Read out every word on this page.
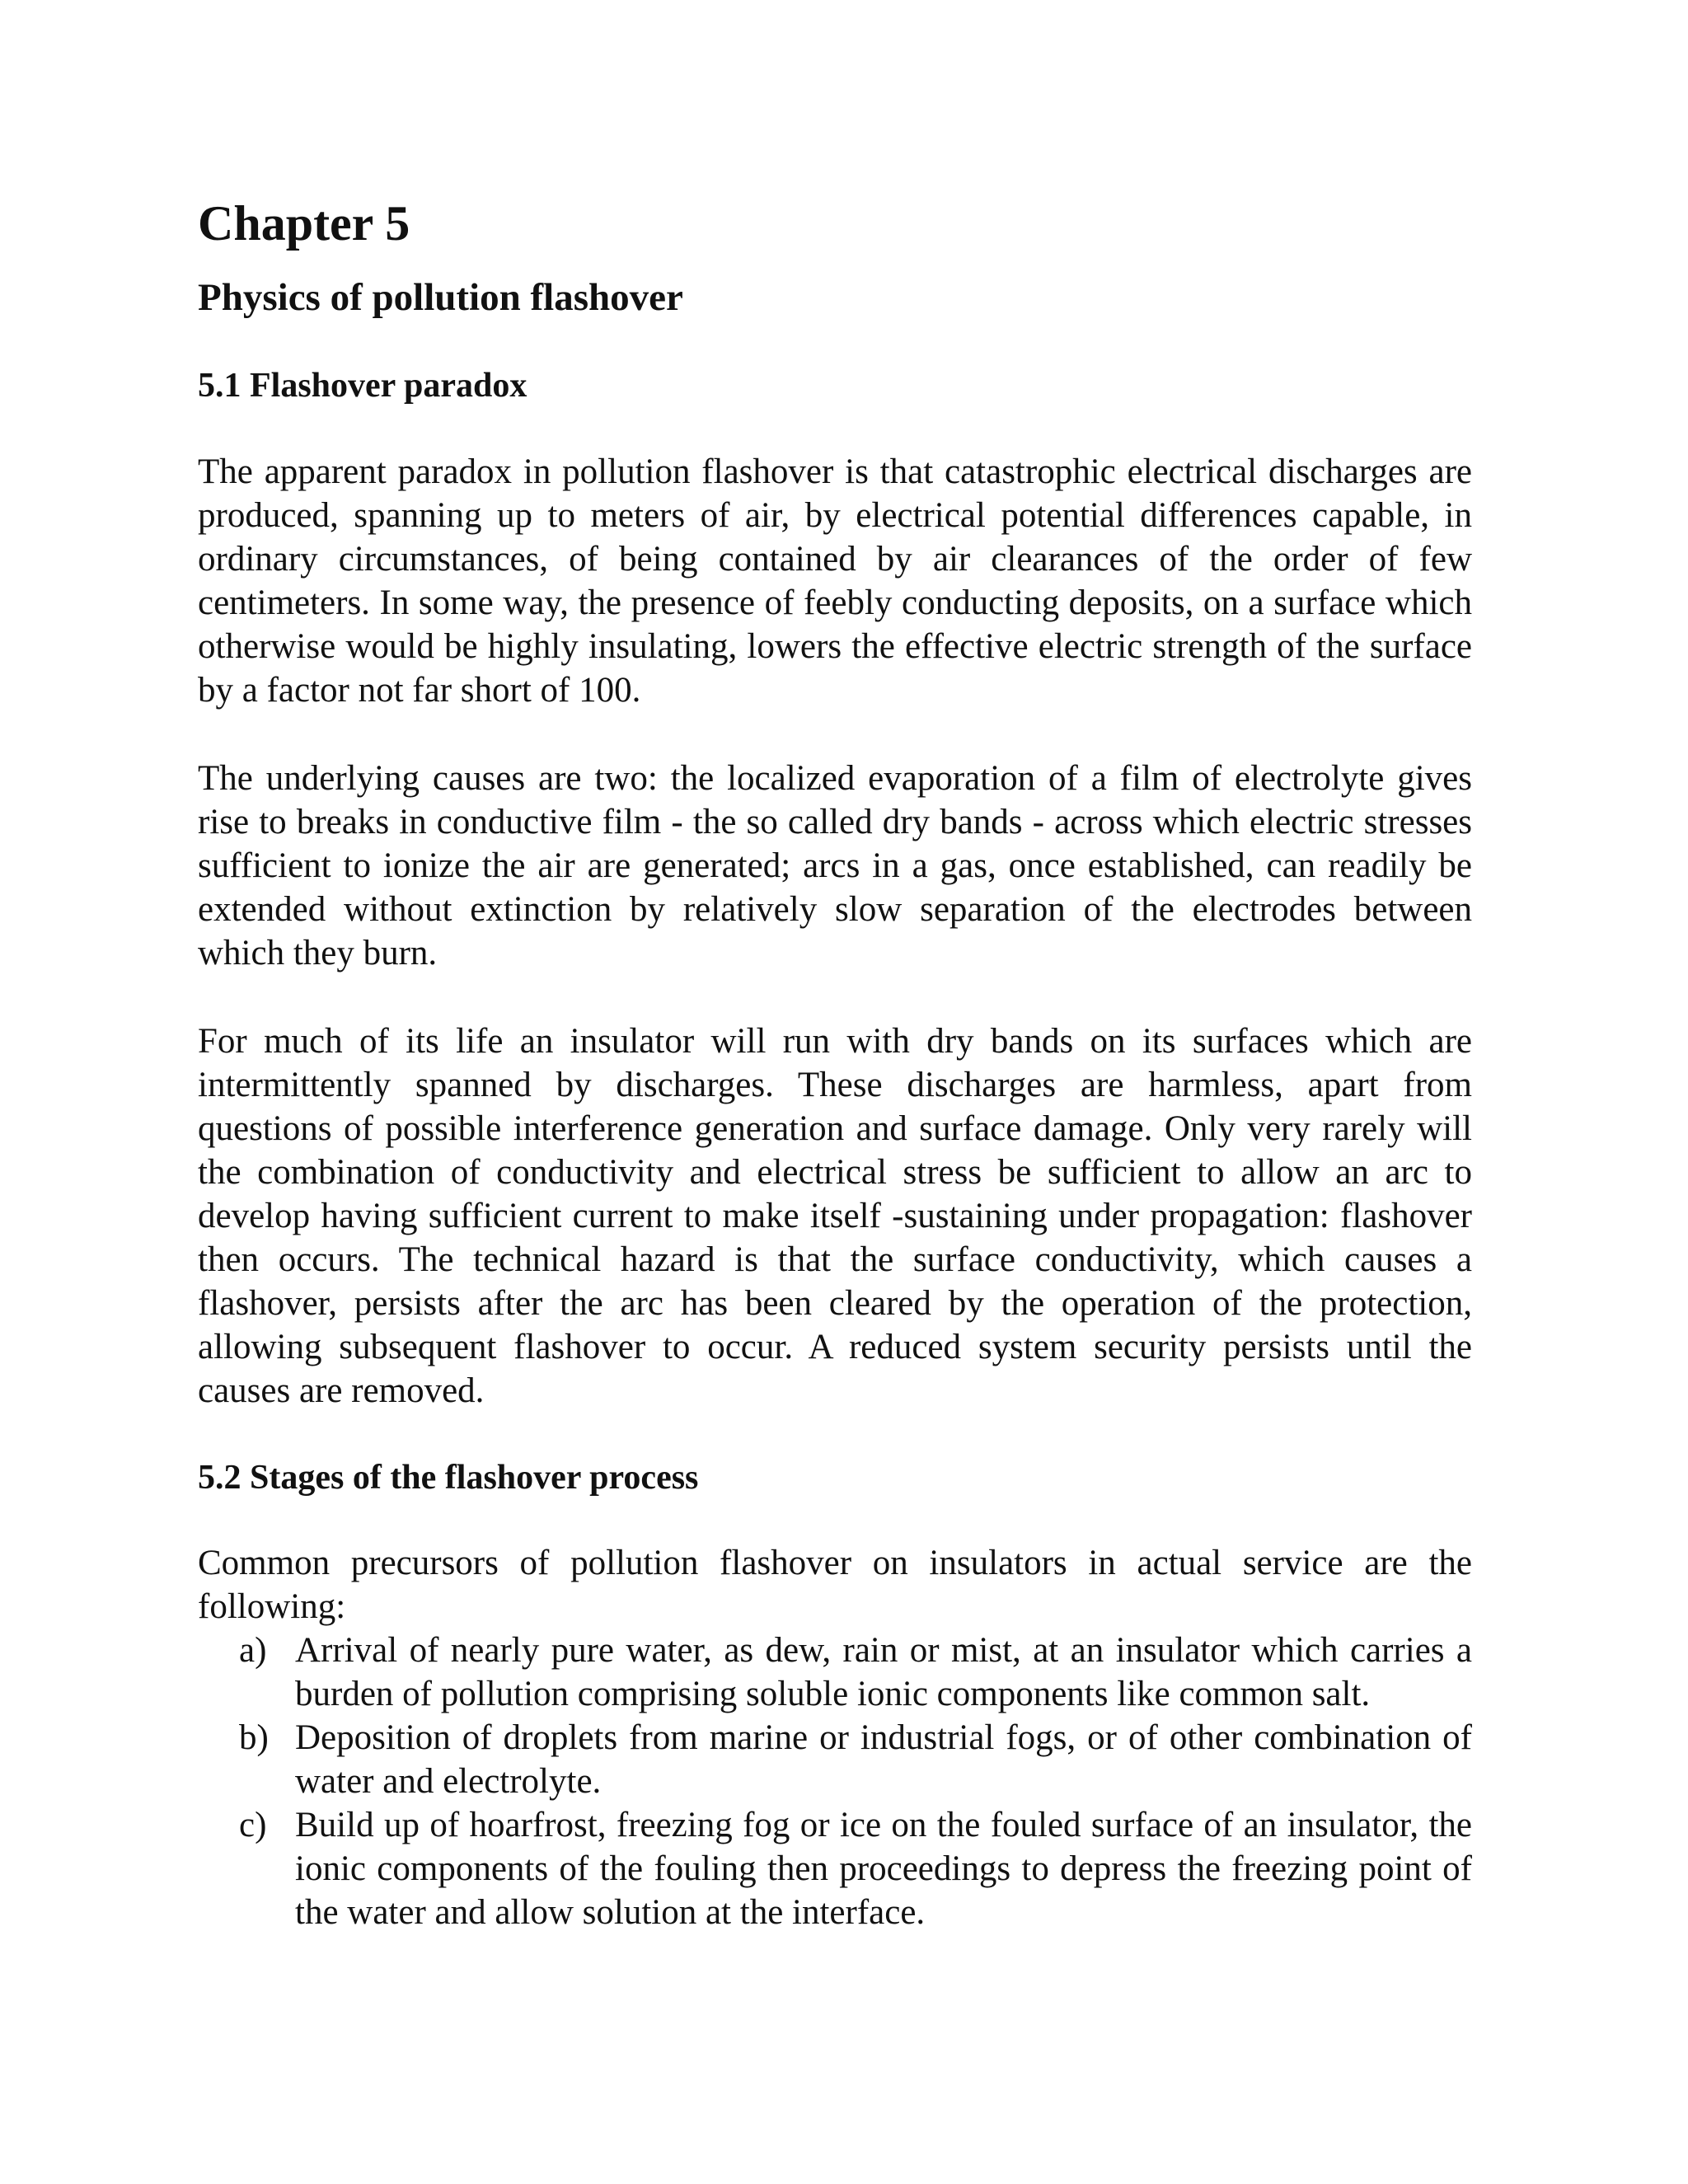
Chapter 5
Physics of pollution flashover
5.1 Flashover paradox

The apparent paradox in pollution flashover is that catastrophic electrical discharges are produced, spanning up to meters of air, by electrical potential differences capable, in ordinary circumstances, of being contained by air clearances of the order of few centimeters. In some way, the presence of feebly conducting deposits, on a surface which otherwise would be highly insulating, lowers the effective electric strength of the surface by a factor not far short of 100.

The underlying causes are two: the localized evaporation of a film of electrolyte gives rise to breaks in conductive film - the so called dry bands - across which electric stresses sufficient to ionize the air are generated; arcs in a gas, once established, can readily be extended without extinction by relatively slow separation of the electrodes between which they burn.

For much of its life an insulator will run with dry bands on its surfaces which are intermittently spanned by discharges. These discharges are harmless, apart from questions of possible interference generation and surface damage. Only very rarely will the combination of conductivity and electrical stress be sufficient to allow an arc to develop having sufficient current to make itself -sustaining under propagation: flashover then occurs. The technical hazard is that the surface conductivity, which causes a flashover, persists after the arc has been cleared by the operation of the protection, allowing subsequent flashover to occur. A reduced system security persists until the causes are removed.

5.2 Stages of the flashover process

Common precursors of pollution flashover on insulators in actual service are the following:

a) Arrival of nearly pure water, as dew, rain or mist, at an insulator which carries a burden of pollution comprising soluble ionic components like common salt.
b) Deposition of droplets from marine or industrial fogs, or of other combination of water and electrolyte.
c) Build up of hoarfrost, freezing fog or ice on the fouled surface of an insulator, the ionic components of the fouling then proceedings to depress the freezing point of the water and allow solution at the interface.
